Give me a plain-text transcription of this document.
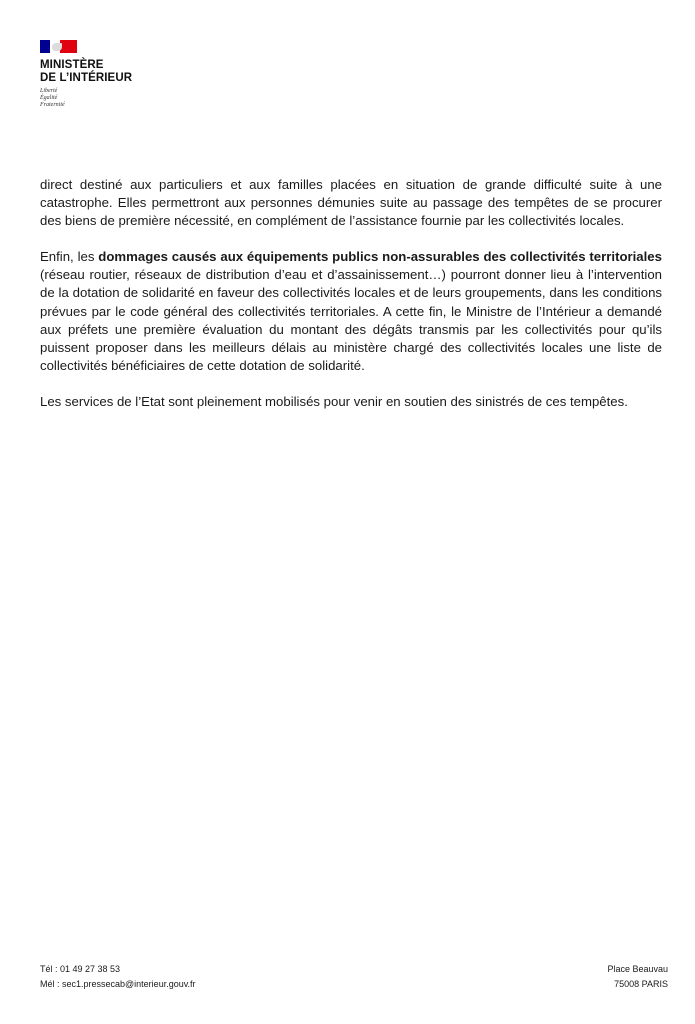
MINISTÈRE
DE L’INTÉRIEUR
Liberté
Égalité
Fraternité

direct destiné aux particuliers et aux familles placées en situation de grande difficulté suite à une catastrophe. Elles permettront aux personnes démunies suite au passage des tempêtes de se procurer des biens de première nécessité, en complément de l’assistance fournie par les collectivités locales.

Enfin, les dommages causés aux équipements publics non-assurables des collectivités territoriales (réseau routier, réseaux de distribution d’eau et d’assainissement…) pourront donner lieu à l’intervention de la dotation de solidarité en faveur des collectivités locales et de leurs groupements, dans les conditions prévues par le code général des collectivités territoriales. A cette fin, le Ministre de l’Intérieur a demandé aux préfets une première évaluation du montant des dégâts transmis par les collectivités pour qu’ils puissent proposer dans les meilleurs délais au ministère chargé des collectivités locales une liste de collectivités bénéficiaires de cette dotation de solidarité.

Les services de l’Etat sont pleinement mobilisés pour venir en soutien des sinistrés de ces tempêtes.

Tél : 01 49 27 38 53
Mél : sec1.pressecab@interieur.gouv.fr
Place Beauvau
75008 PARIS
